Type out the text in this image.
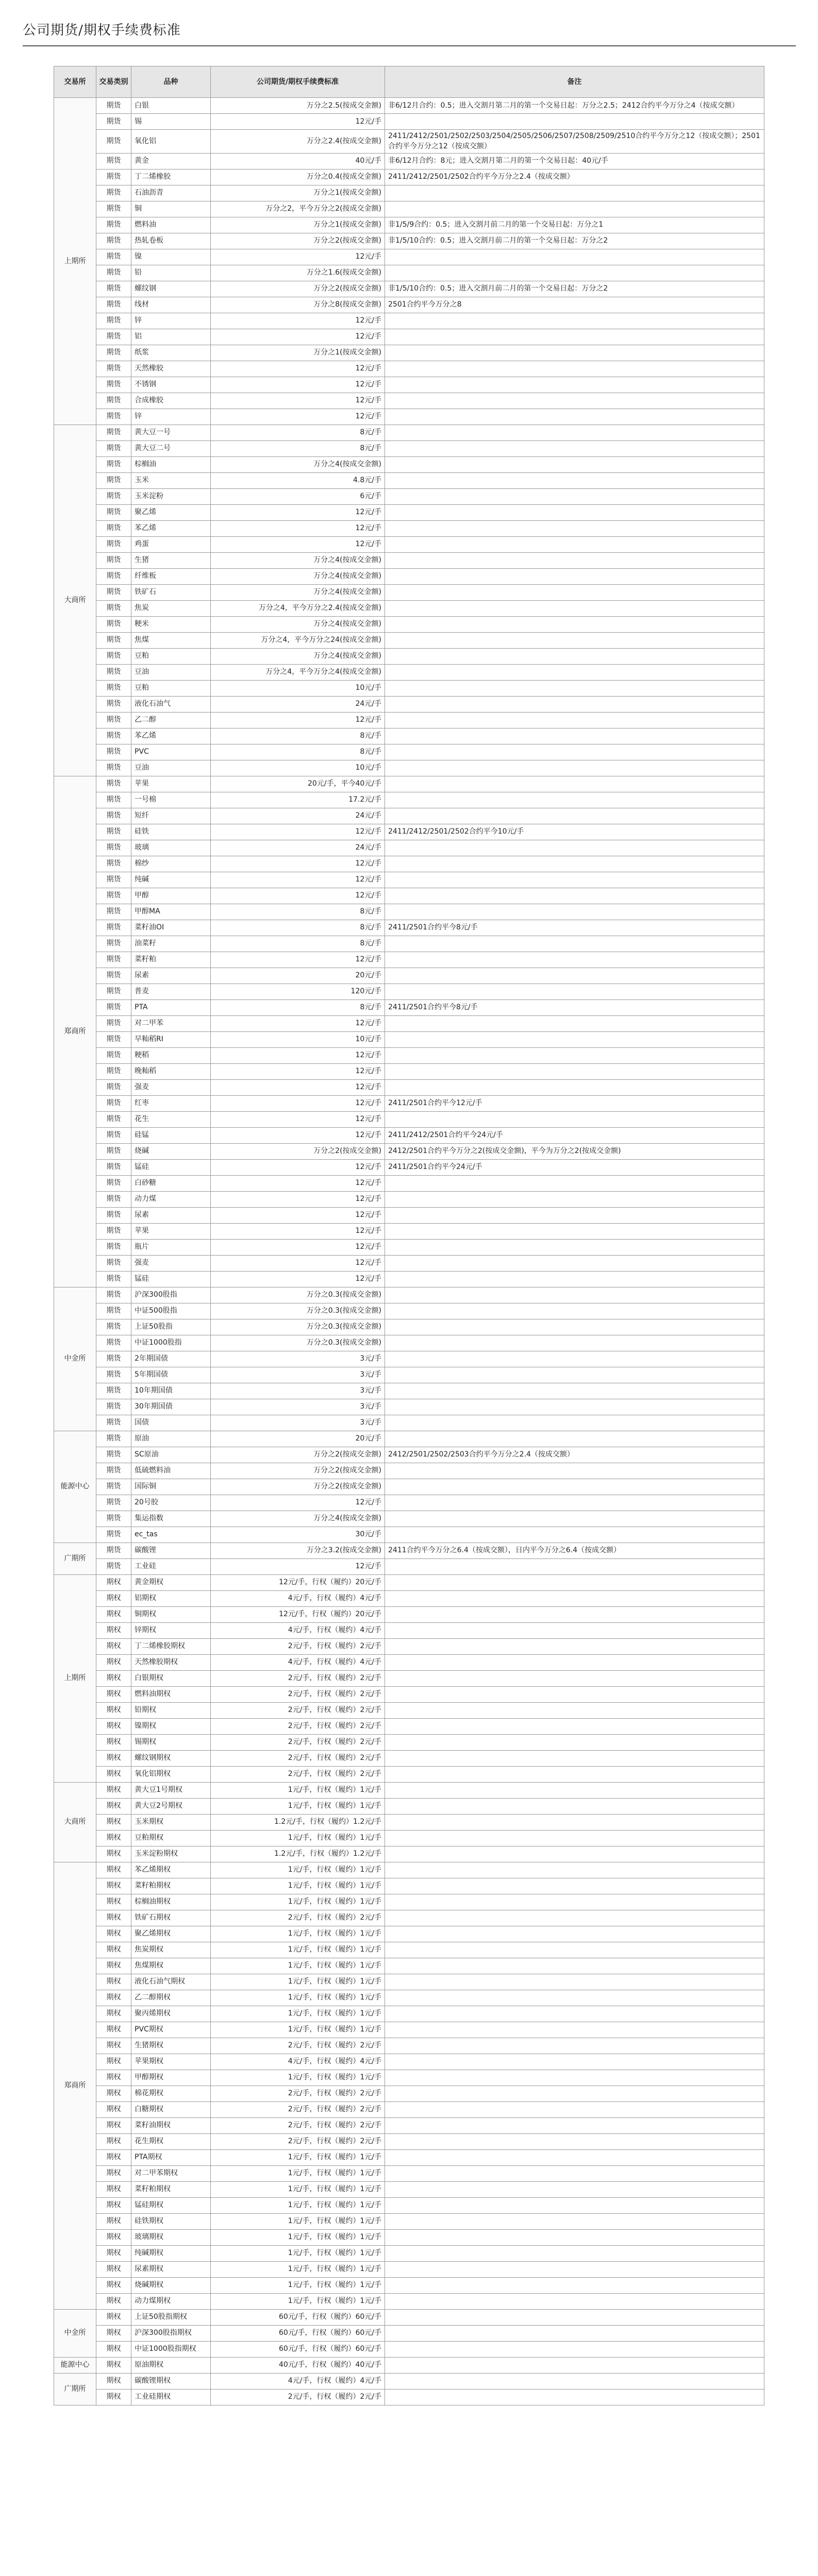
公司期货/期权手续费标准
交易所	交易类别	品种	公司期货/期权手续费标准	备注
上期所	期货	白银	万分之2.5(按成交金额)	非6/12月合约：0.5；进入交割月第二月的第一个交易日起：万分之2.5；2412合约平今万分之4（按成交额）
	期货	锡	12元/手	
	期货	氧化铝	万分之2.4(按成交金额)	2411/2412/2501/2502/2503/2504/2505/2506/2507/2508/2509/2510合约平今万分之12（按成交额）；2501合约平今万分之12（按成交额）
	期货	黄金	40元/手	非6/12月合约：8元；进入交割月第二月的第一个交易日起：40元/手
	期货	丁二烯橡胶	万分之0.4(按成交金额)	2411/2412/2501/2502合约平今万分之2.4（按成交额）
	期货	石油沥青	万分之1(按成交金额)	
	期货	铜	万分之2，平今万分之2(按成交金额)	
	期货	燃料油	万分之1(按成交金额)	非1/5/9合约：0.5；进入交割月前二月的第一个交易日起：万分之1
	期货	热轧卷板	万分之2(按成交金额)	非1/5/10合约：0.5；进入交割月前二月的第一个交易日起：万分之2
	期货	镍	12元/手	
	期货	铅	万分之1.6(按成交金额)	
	期货	螺纹钢	万分之2(按成交金额)	非1/5/10合约：0.5；进入交割月前二月的第一个交易日起：万分之2
	期货	线材	万分之8(按成交金额)	2501合约平今万分之8
	期货	锌	12元/手	
	期货	铝	12元/手	
	期货	纸浆	万分之1(按成交金额)	
	期货	天然橡胶	12元/手	
	期货	不锈钢	12元/手	
	期货	合成橡胶	12元/手	
	期货	锌	12元/手	
大商所	期货	黄大豆一号	8元/手	
	期货	黄大豆二号	8元/手	
	期货	棕榈油	万分之4(按成交金额)	
	期货	玉米	4.8元/手	
	期货	玉米淀粉	6元/手	
	期货	聚乙烯	12元/手	
	期货	苯乙烯	12元/手	
	期货	鸡蛋	12元/手	
	期货	生猪	万分之4(按成交金额)	
	期货	纤维板	万分之4(按成交金额)	
	期货	铁矿石	万分之4(按成交金额)	
	期货	焦炭	万分之4，平今万分之2.4(按成交金额)	
	期货	粳米	万分之4(按成交金额)	
	期货	焦煤	万分之4，平今万分之24(按成交金额)	
	期货	豆粕	万分之4(按成交金额)	
	期货	豆油	万分之4，平今万分之4(按成交金额)	
	期货	豆粕	10元/手	
	期货	液化石油气	24元/手	
	期货	乙二醇	12元/手	
	期货	苯乙烯	8元/手	
	期货	PVC	8元/手	
	期货	豆油	10元/手	
郑商所	期货	苹果	20元/手，平今40元/手	
	期货	一号棉	17.2元/手	
	期货	短纤	24元/手	
	期货	硅铁	12元/手	2411/2412/2501/2502合约平今10元/手
	期货	玻璃	24元/手	
	期货	棉纱	12元/手	
	期货	纯碱	12元/手	
	期货	甲醇	12元/手	
	期货	甲醇MA	8元/手	
	期货	菜籽油OI	8元/手	2411/2501合约平今8元/手
	期货	油菜籽	8元/手	
	期货	菜籽粕	12元/手	
	期货	尿素	20元/手	
	期货	普麦	120元/手	
	期货	PTA	8元/手	2411/2501合约平今8元/手
	期货	对二甲苯	12元/手	
	期货	早籼稻RI	10元/手	
	期货	粳稻	12元/手	
	期货	晚籼稻	12元/手	
	期货	强麦	12元/手	
	期货	红枣	12元/手	2411/2501合约平今12元/手
	期货	花生	12元/手	
	期货	硅锰	12元/手	2411/2412/2501合约平今24元/手
	期货	烧碱	万分之2(按成交金额)	2412/2501合约平今万分之2(按成交金额)，平今为万分之2(按成交金额)
	期货	锰硅	12元/手	2411/2501合约平今24元/手
	期货	白砂糖	12元/手	
	期货	动力煤	12元/手	
	期货	尿素	12元/手	
	期货	苹果	12元/手	
	期货	瓶片	12元/手	
	期货	强麦	12元/手	
	期货	锰硅	12元/手	
中金所	期货	沪深300股指	万分之0.3(按成交金额)	
	期货	中证500股指	万分之0.3(按成交金额)	
	期货	上证50股指	万分之0.3(按成交金额)	
	期货	中证1000股指	万分之0.3(按成交金额)	
	期货	2年期国债	3元/手	
	期货	5年期国债	3元/手	
	期货	10年期国债	3元/手	
	期货	30年期国债	3元/手	
	期货	国债	3元/手	
能源中心	期货	原油	20元/手	
	期货	SC原油	万分之2(按成交金额)	2412/2501/2502/2503合约平今万分之2.4（按成交额）
	期货	低硫燃料油	万分之2(按成交金额)	
	期货	国际铜	万分之2(按成交金额)	
	期货	20号胶	12元/手	
	期货	集运指数	万分之4(按成交金额)	
	期货	ec_tas	30元/手	
广期所	期货	碳酸锂	万分之3.2(按成交金额)	2411合约平今万分之6.4（按成交额），日内平今万分之6.4（按成交额）
	期货	工业硅	12元/手	
上期所	期权	黄金期权	12元/手，行权（履约）20元/手	
	期权	铝期权	4元/手，行权（履约）4元/手	
	期权	铜期权	12元/手，行权（履约）20元/手	
	期权	锌期权	4元/手，行权（履约）4元/手	
	期权	丁二烯橡胶期权	2元/手，行权（履约）2元/手	
	期权	天然橡胶期权	4元/手，行权（履约）4元/手	
	期权	白银期权	2元/手，行权（履约）2元/手	
	期权	燃料油期权	2元/手，行权（履约）2元/手	
	期权	铅期权	2元/手，行权（履约）2元/手	
	期权	镍期权	2元/手，行权（履约）2元/手	
	期权	锡期权	2元/手，行权（履约）2元/手	
	期权	螺纹钢期权	2元/手，行权（履约）2元/手	
	期权	氧化铝期权	2元/手，行权（履约）2元/手	
大商所	期权	黄大豆1号期权	1元/手，行权（履约）1元/手	
	期权	黄大豆2号期权	1元/手，行权（履约）1元/手	
	期权	玉米期权	1.2元/手，行权（履约）1.2元/手	
	期权	豆粕期权	1元/手，行权（履约）1元/手	
	期权	玉米淀粉期权	1.2元/手，行权（履约）1.2元/手	
郑商所	期权	苯乙烯期权	1元/手，行权（履约）1元/手	
	期权	菜籽粕期权	1元/手，行权（履约）1元/手	
	期权	棕榈油期权	1元/手，行权（履约）1元/手	
	期权	铁矿石期权	2元/手，行权（履约）2元/手	
	期权	聚乙烯期权	1元/手，行权（履约）1元/手	
	期权	焦炭期权	1元/手，行权（履约）1元/手	
	期权	焦煤期权	1元/手，行权（履约）1元/手	
	期权	液化石油气期权	1元/手，行权（履约）1元/手	
	期权	乙二醇期权	1元/手，行权（履约）1元/手	
	期权	聚丙烯期权	1元/手，行权（履约）1元/手	
	期权	PVC期权	1元/手，行权（履约）1元/手	
	期权	生猪期权	2元/手，行权（履约）2元/手	
	期权	苹果期权	4元/手，行权（履约）4元/手	
	期权	甲醇期权	1元/手，行权（履约）1元/手	
	期权	棉花期权	2元/手，行权（履约）2元/手	
	期权	白糖期权	2元/手，行权（履约）2元/手	
	期权	菜籽油期权	2元/手，行权（履约）2元/手	
	期权	花生期权	2元/手，行权（履约）2元/手	
	期权	PTA期权	1元/手，行权（履约）1元/手	
	期权	对二甲苯期权	1元/手，行权（履约）1元/手	
	期权	菜籽粕期权	1元/手，行权（履约）1元/手	
	期权	锰硅期权	1元/手，行权（履约）1元/手	
	期权	硅铁期权	1元/手，行权（履约）1元/手	
	期权	玻璃期权	1元/手，行权（履约）1元/手	
	期权	纯碱期权	1元/手，行权（履约）1元/手	
	期权	尿素期权	1元/手，行权（履约）1元/手	
	期权	烧碱期权	1元/手，行权（履约）1元/手	
	期权	动力煤期权	1元/手，行权（履约）1元/手	
中金所	期权	上证50股指期权	60元/手，行权（履约）60元/手	
	期权	沪深300股指期权	60元/手，行权（履约）60元/手	
	期权	中证1000股指期权	60元/手，行权（履约）60元/手	
能源中心	期权	原油期权	40元/手，行权（履约）40元/手	
广期所	期权	碳酸锂期权	4元/手，行权（履约）4元/手	
	期权	工业硅期权	2元/手，行权（履约）2元/手	
